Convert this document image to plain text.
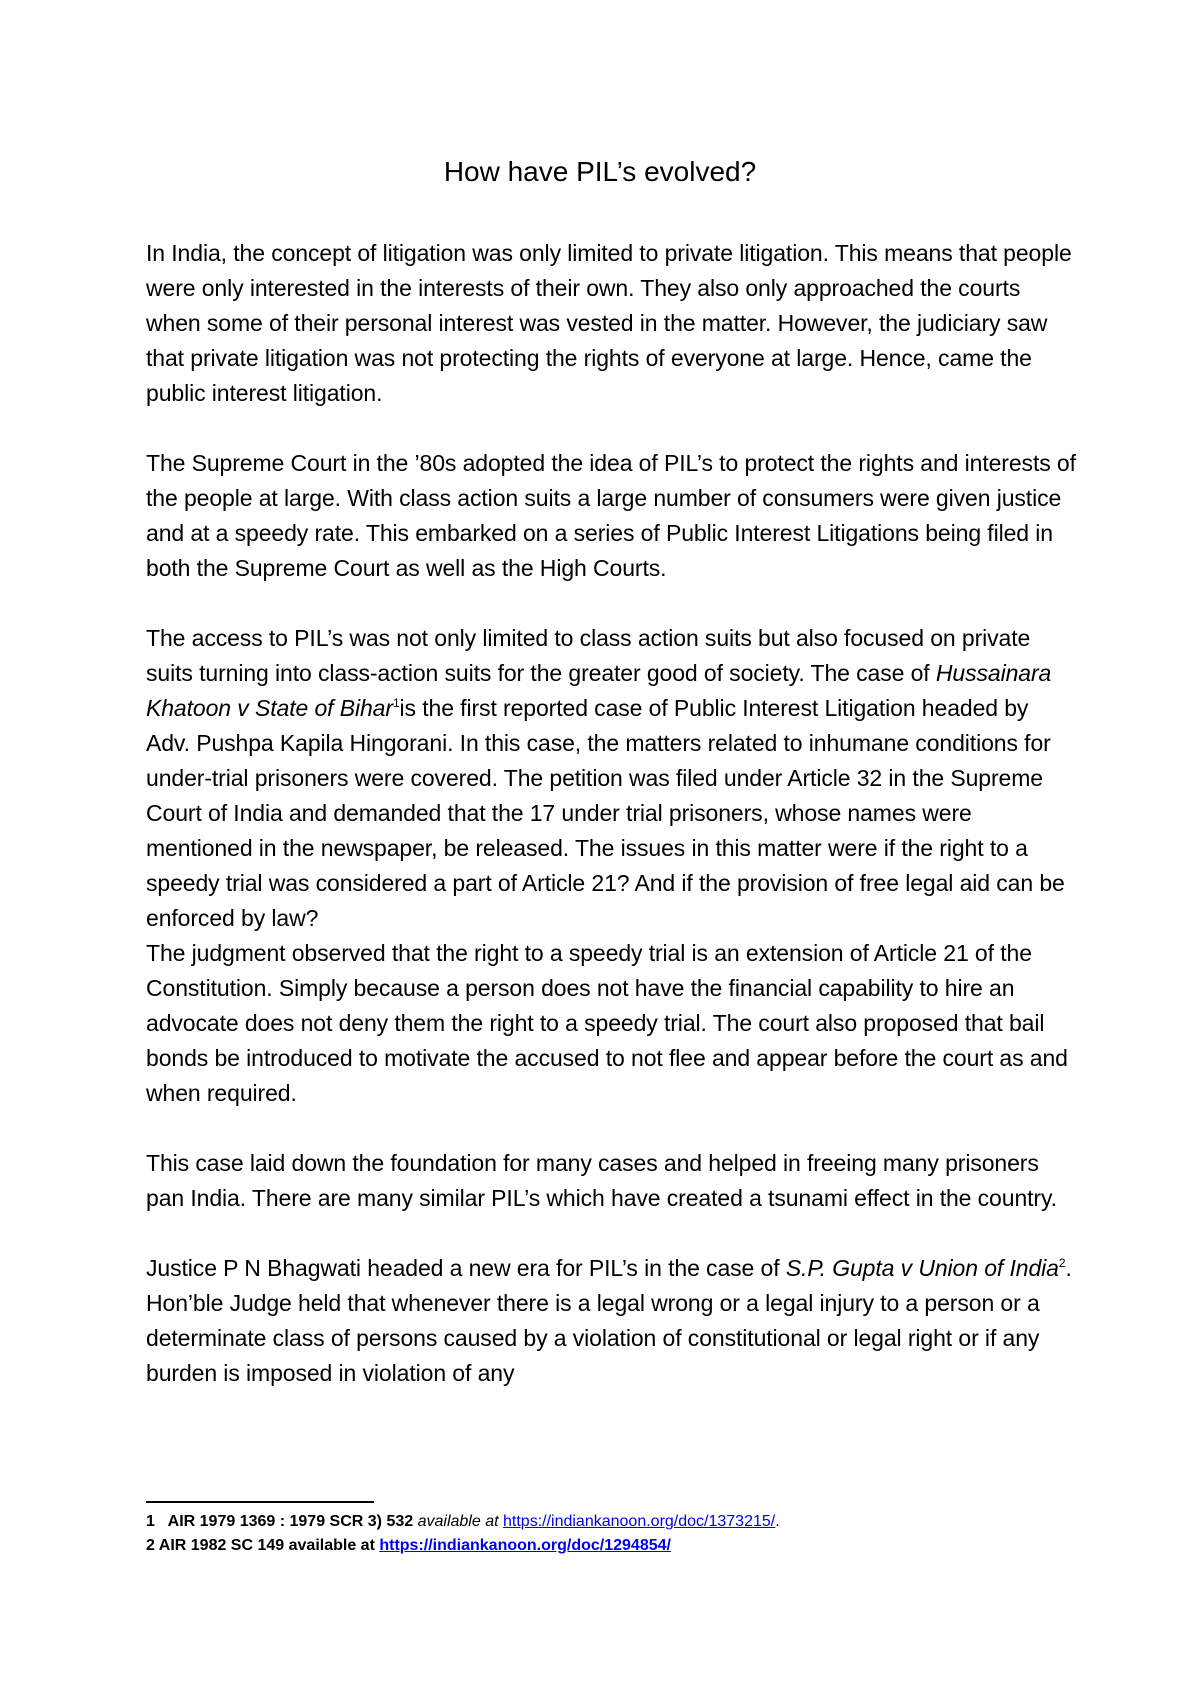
How have PIL’s evolved?

In India, the concept of litigation was only limited to private litigation. This means that people were only interested in the interests of their own. They also only approached the courts when some of their personal interest was vested in the matter. However, the judiciary saw that private litigation was not protecting the rights of everyone at large. Hence, came the public interest litigation.

The Supreme Court in the ’80s adopted the idea of PIL’s to protect the rights and interests of the people at large. With class action suits a large number of consumers were given justice and at a speedy rate. This embarked on a series of Public Interest Litigations being filed in both the Supreme Court as well as the High Courts.

The access to PIL’s was not only limited to class action suits but also focused on private suits turning into class-action suits for the greater good of society. The case of Hussainara Khatoon v State of Bihar$^1$is the first reported case of Public Interest Litigation headed by Adv. Pushpa Kapila Hingorani. In this case, the matters related to inhumane conditions for under-trial prisoners were covered. The petition was filed under Article 32 in the Supreme Court of India and demanded that the 17 under trial prisoners, whose names were mentioned in the newspaper, be released. The issues in this matter were if the right to a speedy trial was considered a part of Article 21? And if the provision of free legal aid can be enforced by law?

The judgment observed that the right to a speedy trial is an extension of Article 21 of the Constitution. Simply because a person does not have the financial capability to hire an advocate does not deny them the right to a speedy trial. The court also proposed that bail bonds be introduced to motivate the accused to not flee and appear before the court as and when required.

This case laid down the foundation for many cases and helped in freeing many prisoners pan India. There are many similar PIL’s which have created a tsunami effect in the country.

Justice P N Bhagwati headed a new era for PIL’s in the case of S.P. Gupta v Union of India$^2$. Hon’ble Judge held that whenever there is a legal wrong or a legal injury to a person or a determinate class of persons caused by a violation of constitutional or legal right or if any burden is imposed in violation of any

1 AIR 1979 1369 : 1979 SCR 3) 532 available at https://indiankanoon.org/doc/1373215/.
2 AIR 1982 SC 149 available at https://indiankanoon.org/doc/1294854/
